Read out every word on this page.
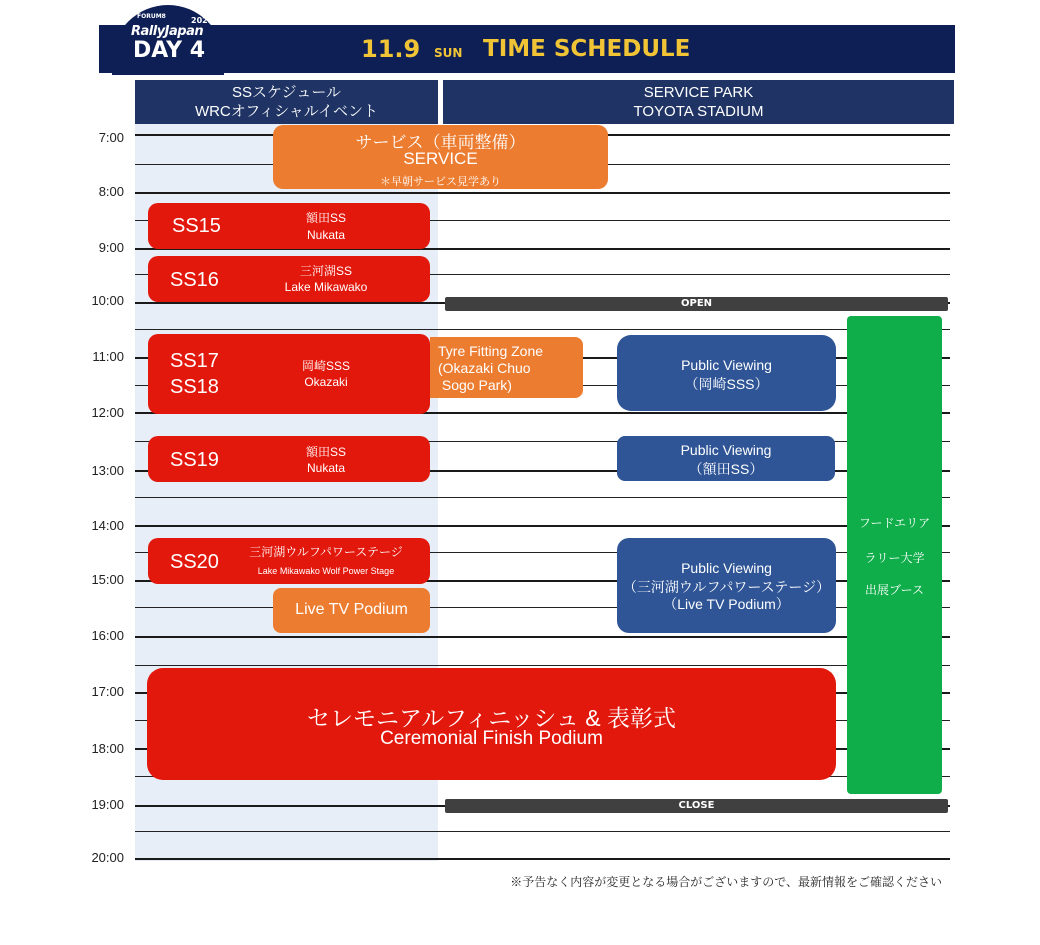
FORUM8	2025
RallyJapan
DAY 4	11.9 SUN TIME SCHEDULE
SSスケジュール
WRCオフィシャルイベント
SERVICE PARK
TOYOTA STADIUM
7:00
8:00
9:00
10:00
11:00
12:00
13:00
14:00
15:00
16:00
17:00
18:00
19:00
20:00
サービス（車両整備）
SERVICE
＊早朝サービス見学あり
SS15	額田SS
Nukata
SS16	三河湖SS
Lake Mikawako
SS17
SS18
岡崎SSS
Okazaki
Tyre Fitting Zone
(Okazaki Chuo
Sogo Park)
SS19	額田SS
Nukata
SS20	三河湖ウルフパワーステージ
Lake Mikawako Wolf Power Stage
Live TV Podium
OPEN
Public Viewing
（岡崎SSS）
Public Viewing
（額田SS）
Public Viewing
（三河湖ウルフパワーステージ）
（Live TV Podium）
フードエリア
ラリー大学
出展ブース
セレモニアルフィニッシュ & 表彰式
Ceremonial Finish Podium
CLOSE
※予告なく内容が変更となる場合がございますので、最新情報をご確認ください
